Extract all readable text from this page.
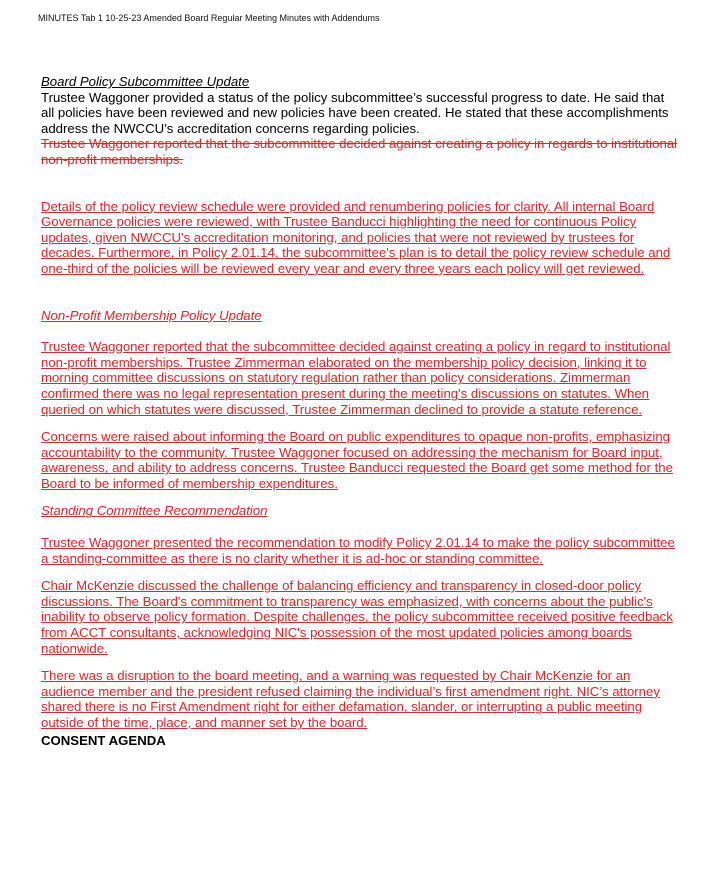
MINUTES Tab 1 10-25-23 Amended Board Regular Meeting Minutes with Addendums

Board Policy Subcommittee Update

Trustee Waggoner provided a status of the policy subcommittee’s successful progress to date. He said that all policies have been reviewed and new policies have been created. He stated that these accomplishments address the NWCCU’s accreditation concerns regarding policies.

Trustee Waggoner reported that the subcommittee decided against creating a policy in regards to institutional non-profit memberships.

Details of the policy review schedule were provided and renumbering policies for clarity. All internal Board Governance policies were reviewed, with Trustee Banducci highlighting the need for continuous Policy updates, given NWCCU's accreditation monitoring, and policies that were not reviewed by trustees for decades. Furthermore, in Policy 2.01.14, the subcommittee's plan is to detail the policy review schedule and one-third of the policies will be reviewed every year and every three years each policy will get reviewed.

Non-Profit Membership Policy Update

Trustee Waggoner reported that the subcommittee decided against creating a policy in regard to institutional non-profit memberships. Trustee Zimmerman elaborated on the membership policy decision, linking it to morning committee discussions on statutory regulation rather than policy considerations. Zimmerman confirmed there was no legal representation present during the meeting's discussions on statutes. When queried on which statutes were discussed, Trustee Zimmerman declined to provide a statute reference.

Concerns were raised about informing the Board on public expenditures to opaque non-profits, emphasizing accountability to the community. Trustee Waggoner focused on addressing the mechanism for Board input, awareness, and ability to address concerns. Trustee Banducci requested the Board get some method for the Board to be informed of membership expenditures.

Standing Committee Recommendation

Trustee Waggoner presented the recommendation to modify Policy 2.01.14 to make the policy subcommittee a standing-committee as there is no clarity whether it is ad-hoc or standing committee.

Chair McKenzie discussed the challenge of balancing efficiency and transparency in closed-door policy discussions. The Board's commitment to transparency was emphasized, with concerns about the public's inability to observe policy formation. Despite challenges, the policy subcommittee received positive feedback from ACCT consultants, acknowledging NIC's possession of the most updated policies among boards nationwide.

There was a disruption to the board meeting, and a warning was requested by Chair McKenzie for an audience member and the president refused claiming the individual’s first amendment right. NIC’s attorney shared there is no First Amendment right for either defamation, slander, or interrupting a public meeting outside of the time, place, and manner set by the board.

CONSENT AGENDA
